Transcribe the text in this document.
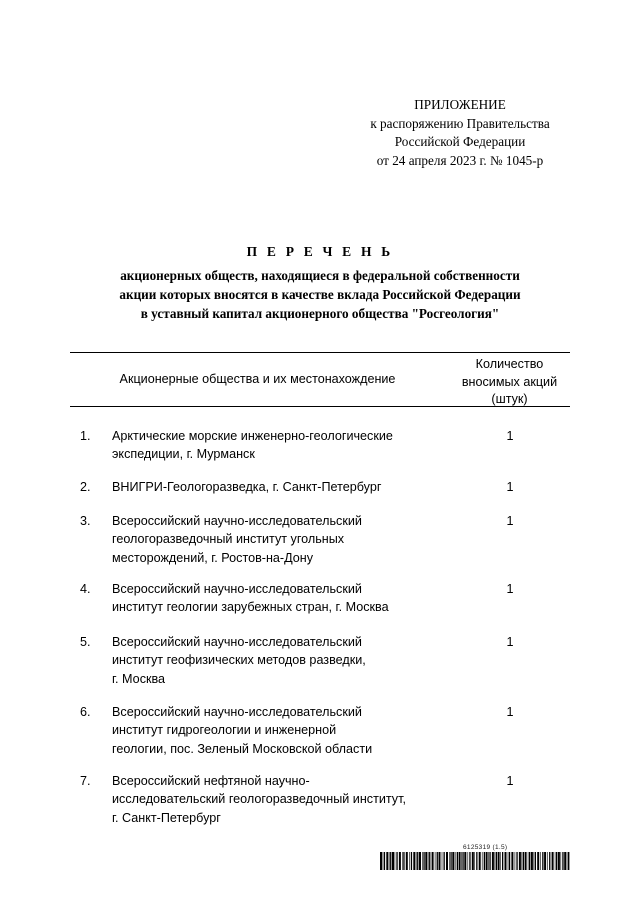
ПРИЛОЖЕНИЕ
к распоряжению Правительства
Российской Федерации
от 24 апреля 2023 г. № 1045-р
П Е Р Е Ч Е Н Ь
акционерных обществ, находящиеся в федеральной собственности
акции которых вносятся в качестве вклада Российской Федерации
в уставный капитал акционерного общества "Росгеология"
Акционерные общества и их местонахождение
Количество
вносимых акций
(штук)
1. Арктические морские инженерно-геологические
экспедиции, г. Мурманск
1
2. ВНИГРИ-Геологоразведка, г. Санкт-Петербург	1
3. Всероссийский научно-исследовательский
геологоразведочный институт угольных
месторождений, г. Ростов-на-Дону
1
4. Всероссийский научно-исследовательский
институт геологии зарубежных стран, г. Москва
1
5. Всероссийский научно-исследовательский
институт геофизических методов разведки,
г. Москва
1
6. Всероссийский научно-исследовательский
институт гидрогеологии и инженерной
геологии, пос. Зеленый Московской области
1
7. Всероссийский нефтяной научно-
исследовательский геологоразведочный институт,
г. Санкт-Петербург
1
6125319 (1.5)
